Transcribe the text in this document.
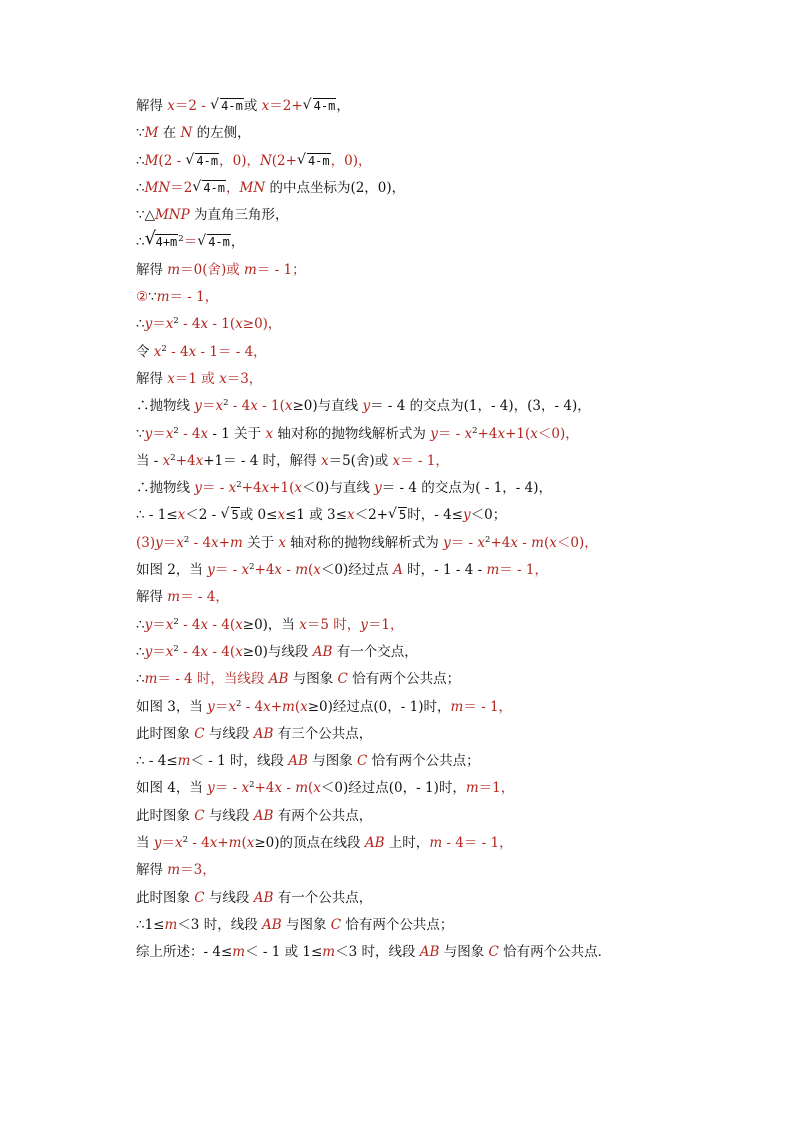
解得 x＝2 - √ 4-m或 x＝2+√ 4-m，
∵M 在 N 的左侧，
∴M(2 - √ 4-m，0)，N(2+√ 4-m，0)，
∴MN＝2√ 4-m，MN 的中点坐标为(2，0)，
∵△MNP 为直角三角形，
∴√ $4+m^2=√$ 4-m，
解得 m＝0(舍)或 m＝ - 1；
②∵m＝ - 1，
$\therefore y=x^2 - 4x - 1(x\ge 0)$，
令 $x^2 - 4x - 1= - 4$，
解得 x＝1 或 x＝3，
∴抛物线 $y=x^2 - 4x - 1(x\ge 0)$与直线 y＝ - 4 的交点为(1，- 4)，(3，- 4)，
$\because y=x^2 - 4x - 1$ 关于 x 轴对称的抛物线解析式为 $y= - x^2+4x+1(x<0)$，
当 - $x^2+4x+1= - 4$ 时，解得 x＝5(舍)或 x＝ - 1，
∴抛物线 $y= - x^2+4x+1(x<0)$与直线 y＝ - 4 的交点为( - 1，- 4)，
∴ - 1≤x＜2 - √ 5或 0≤x≤1 或 3≤x＜2+√ 5时，- 4≤y＜0；
$(3)y=x^2 - 4x+m$ 关于 x 轴对称的抛物线解析式为 $y= - x^2+4x - m(x<0)$，
如图 2，当 $y= - x^2+4x - m(x<0)$经过点 A 时，- 1 - 4 - m＝ - 1，
解得 m＝ - 4，
$\therefore y=x^2 - 4x - 4(x\ge 0)$，当 x＝5 时，y＝1，
$\therefore y=x^2 - 4x - 4(x\ge 0)$与线段 AB 有一个交点，
∴m＝ - 4 时，当线段 AB 与图象 C 恰有两个公共点；
如图 3，当 $y=x^2 - 4x+m(x\ge 0)$经过点(0，- 1)时，m＝ - 1，
此时图象 C 与线段 AB 有三个公共点，
∴ - 4≤m＜ - 1 时，线段 AB 与图象 C 恰有两个公共点；
如图 4，当 $y= - x^2+4x - m(x<0)$经过点(0，- 1)时，m＝1，
此时图象 C 与线段 AB 有两个公共点，
当 $y=x^2 - 4x+m(x\ge 0)$的顶点在线段 AB 上时，m - 4＝ - 1，
解得 m＝3，
此时图象 C 与线段 AB 有一个公共点，
∴1≤m＜3 时，线段 AB 与图象 C 恰有两个公共点；
综上所述：- 4≤m＜ - 1 或 1≤m＜3 时，线段 AB 与图象 C 恰有两个公共点．
